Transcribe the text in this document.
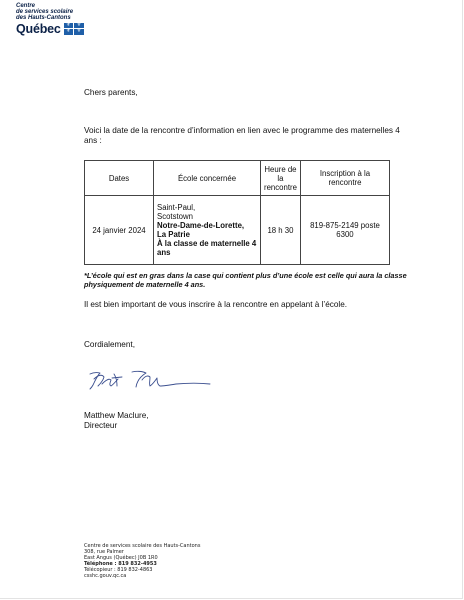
Centre
de services scolaire
des Hauts-Cantons
Québec	⚜	⚜
⚜	⚜
Chers parents,
Voici la date de la rencontre d’information en lien avec le programme des maternelles 4 ans :
Dates	École concernée	Heure de la rencontre	Inscription à la rencontre
24 janvier 2024	Saint-Paul,
Scotstown
Notre-Dame-de-Lorette,
La Patrie
À la classe de maternelle 4 ans	18 h 30	819-875-2149 poste 6300
*L’école qui est en gras dans la case qui contient plus d’une école est celle qui aura la classe physiquement de maternelle 4 ans.
Il est bien important de vous inscrire à la rencontre en appelant à l’école.
Cordialement,
Matthew Maclure,
Directeur
Centre de services scolaire des Hauts-Cantons
308, rue Palmer
East Angus (Québec) J0B 1R0
Téléphone : 819 832-4953
Télécopieur : 819 832-4863
csshc.gouv.qc.ca
